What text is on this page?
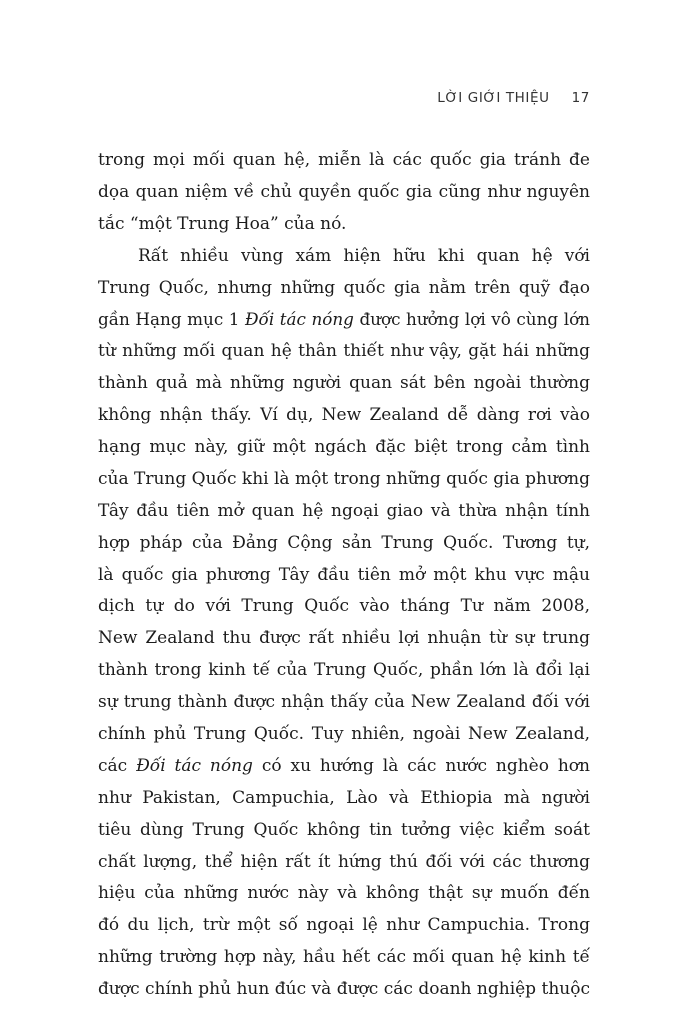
LỜI GIỚI THIỆU 17
trong mọi mối quan hệ, miễn là các quốc gia tránh đe
dọa quan niệm về chủ quyền quốc gia cũng như nguyên
tắc “một Trung Hoa” của nó.
Rất nhiều vùng xám hiện hữu khi quan hệ với
Trung Quốc, nhưng những quốc gia nằm trên quỹ đạo
gần Hạng mục 1 Đối tác nóng được hưởng lợi vô cùng lớn
từ những mối quan hệ thân thiết như vậy, gặt hái những
thành quả mà những người quan sát bên ngoài thường
không nhận thấy. Ví dụ, New Zealand dễ dàng rơi vào
hạng mục này, giữ một ngách đặc biệt trong cảm tình
của Trung Quốc khi là một trong những quốc gia phương
Tây đầu tiên mở quan hệ ngoại giao và thừa nhận tính
hợp pháp của Đảng Cộng sản Trung Quốc. Tương tự,
là quốc gia phương Tây đầu tiên mở một khu vực mậu
dịch tự do với Trung Quốc vào tháng Tư năm 2008,
New Zealand thu được rất nhiều lợi nhuận từ sự trung
thành trong kinh tế của Trung Quốc, phần lớn là đổi lại
sự trung thành được nhận thấy của New Zealand đối với
chính phủ Trung Quốc. Tuy nhiên, ngoài New Zealand,
các Đối tác nóng có xu hướng là các nước nghèo hơn
như Pakistan, Campuchia, Lào và Ethiopia mà người
tiêu dùng Trung Quốc không tin tưởng việc kiểm soát
chất lượng, thể hiện rất ít hứng thú đối với các thương
hiệu của những nước này và không thật sự muốn đến
đó du lịch, trừ một số ngoại lệ như Campuchia. Trong
những trường hợp này, hầu hết các mối quan hệ kinh tế
được chính phủ hun đúc và được các doanh nghiệp thuộc
